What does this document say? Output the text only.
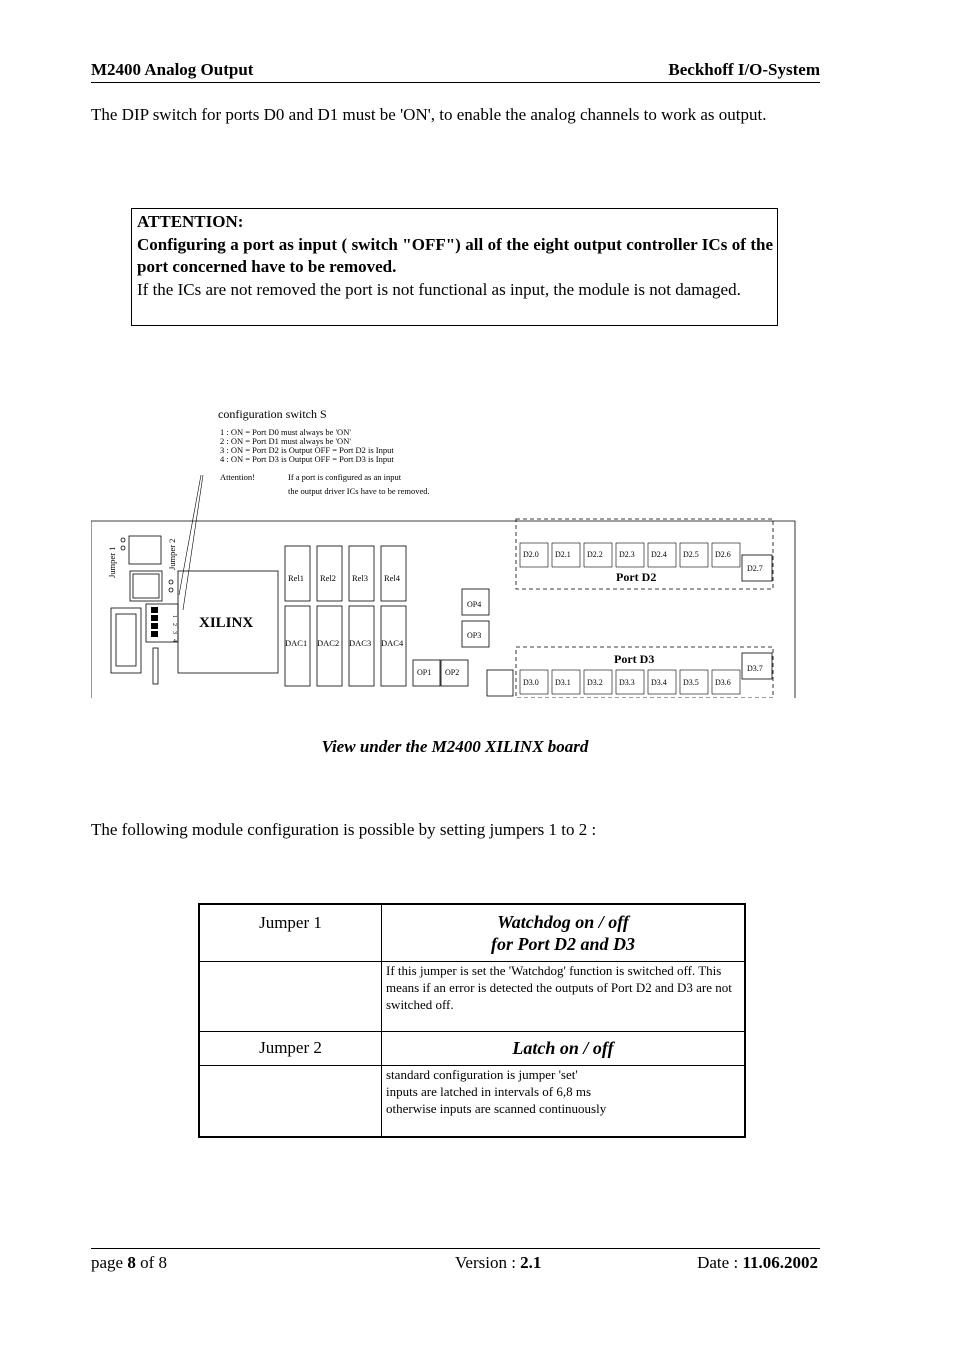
M2400 Analog Output	Beckhoff I/O-System
The DIP switch for ports D0 and D1 must be 'ON', to enable the analog channels to work as output.
ATTENTION:
Configuring a port as input ( switch "OFF") all of the eight output controller ICs of the port concerned have to be removed.
If the ICs are not removed the port is not functional as input, the module is not damaged.
configuration switch S
1 : ON = Port D0 must always be 'ON'
2 : ON = Port D1 must always be 'ON'
3 : ON = Port D2 is Output OFF = Port D2 is Input
4 : ON = Port D3 is Output OFF = Port D3 is Input
Attention!	If a port is configured as an input
the output driver ICs have to be removed.
Jumper 1	Jumper 2
4
XILINX
Rel1 Rel2 Rel3 Rel4
DAC1 DAC2 DAC3 DAC4
OP4
OP3
OP1 OP2
Port D2
Port D3
D2.0 D2.1 D2.2 D2.3 D2.4 D2.5 D2.6
D2.7
D3.0 D3.1 D3.2 D3.3 D3.4 D3.5 D3.6
D3.7
3
2
1
View under the M2400 XILINX board
The following module configuration is possible by setting jumpers 1 to 2 :
Jumper 1	Watchdog on / off
for Port D2 and D3

	If this jumper is set the 'Watchdog' function is switched off. This means if an error is detected the outputs of Port D2 and D3 are not switched off.

Jumper 2	Latch on / off

	standard configuration is jumper 'set'
inputs are latched in intervals of 6,8 ms
otherwise inputs are scanned continuously
page 8 of 8	Version : 2.1	Date : 11.06.2002
